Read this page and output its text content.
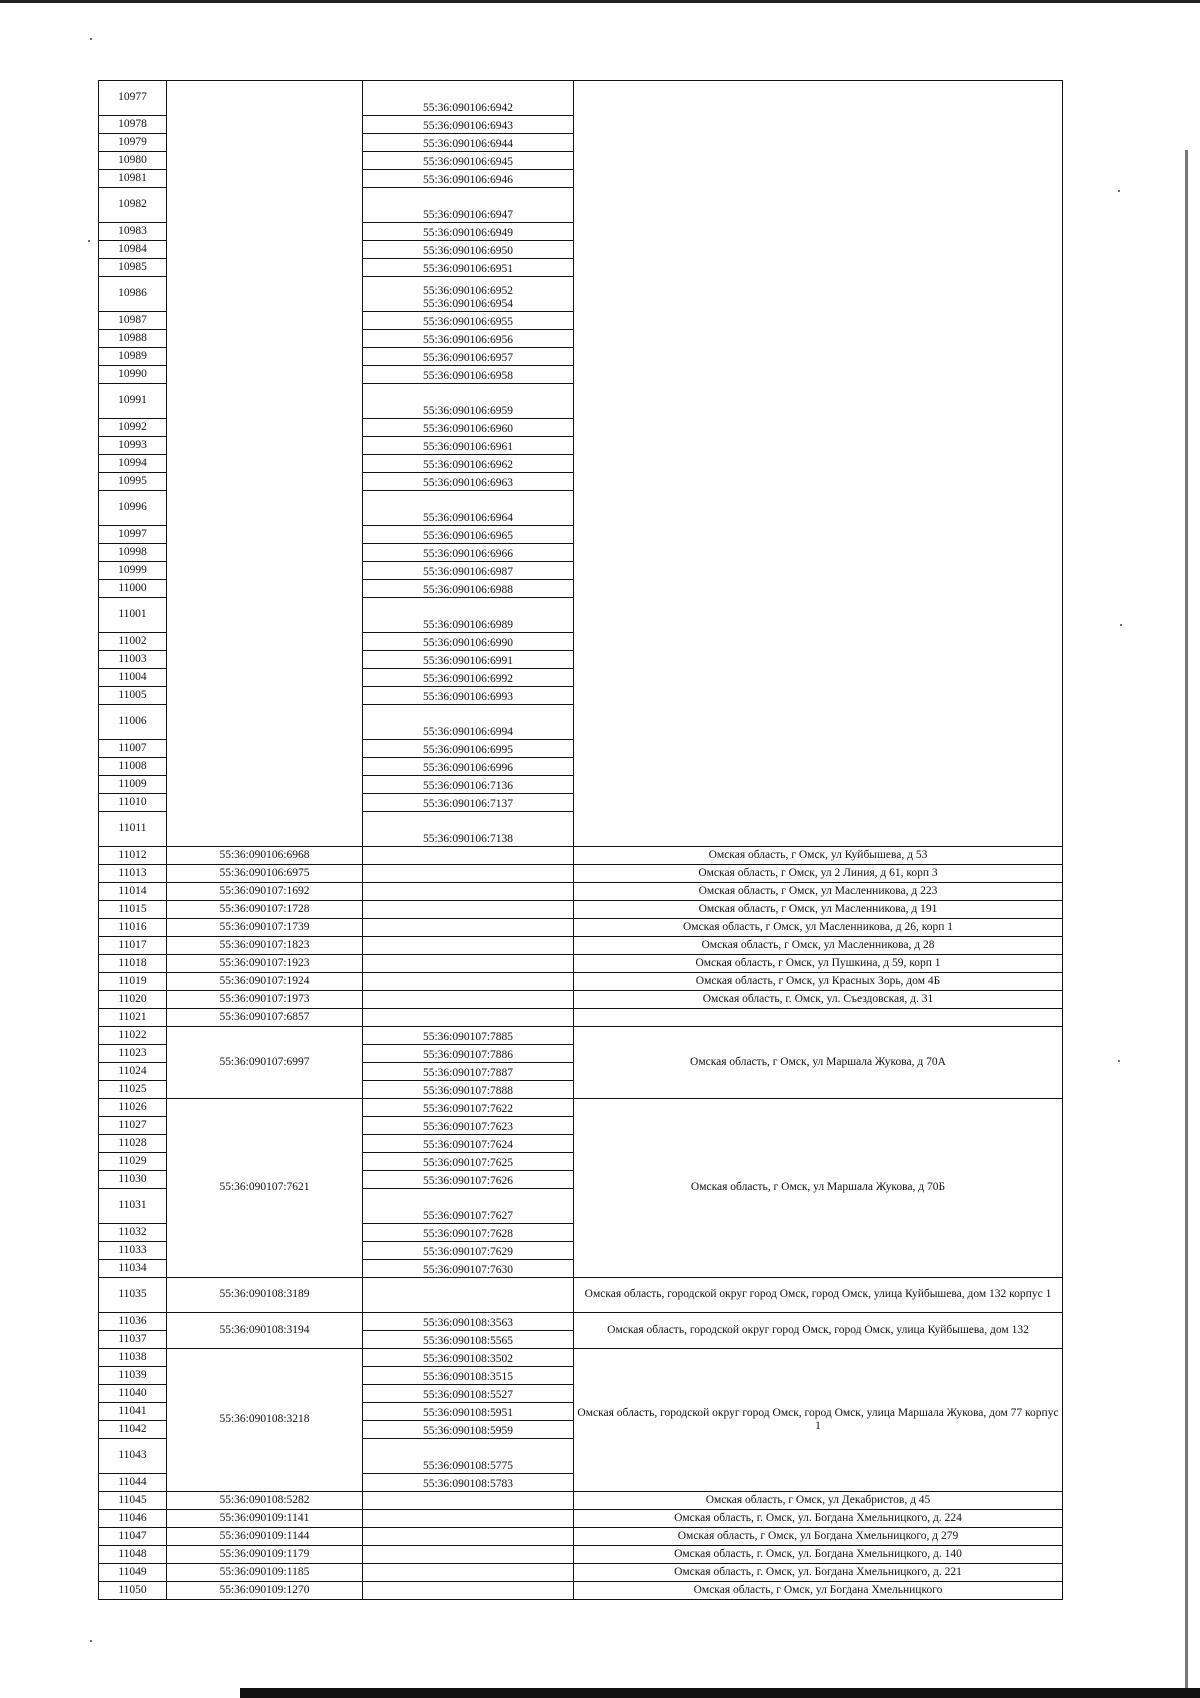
10977		55:36:090106:6942	
10978		55:36:090106:6943	
10979		55:36:090106:6944	
10980		55:36:090106:6945	
10981		55:36:090106:6946	
10982		55:36:090106:6947	
10983		55:36:090106:6949	
10984		55:36:090106:6950	
10985		55:36:090106:6951	
10986		55:36:090106:6952
55:36:090106:6954	

10987		55:36:090106:6955	
10988		55:36:090106:6956	
10989		55:36:090106:6957	
10990		55:36:090106:6958	
10991		55:36:090106:6959	
10992		55:36:090106:6960	
10993		55:36:090106:6961	
10994		55:36:090106:6962	
10995		55:36:090106:6963	
10996		55:36:090106:6964	
10997		55:36:090106:6965	
10998		55:36:090106:6966	
10999		55:36:090106:6987	
11000		55:36:090106:6988	
11001		55:36:090106:6989	
11002		55:36:090106:6990	
11003		55:36:090106:6991	
11004		55:36:090106:6992	
11005		55:36:090106:6993	
11006		55:36:090106:6994	
11007		55:36:090106:6995	
11008		55:36:090106:6996	
11009		55:36:090106:7136	
11010		55:36:090106:7137	
11011		55:36:090106:7138	
11012	55:36:090106:6968		Омская область, г Омск, ул Куйбышева, д 53
11013	55:36:090106:6975		Омская область, г Омск, ул 2 Линия, д 61, корп 3
11014	55:36:090107:1692		Омская область, г Омск, ул Масленникова, д 223
11015	55:36:090107:1728		Омская область, г Омск, ул Масленникова, д 191
11016	55:36:090107:1739		Омская область, г Омск, ул Масленникова, д 26, корп 1
11017	55:36:090107:1823		Омская область, г Омск, ул Масленникова, д 28
11018	55:36:090107:1923		Омская область, г Омск, ул Пушкина, д 59, корп 1
11019	55:36:090107:1924		Омская область, г Омск, ул Красных Зорь, дом 4Б
11020	55:36:090107:1973		Омская область, г. Омск, ул. Съездовская, д. 31
11021	55:36:090107:6857		
11022	55:36:090107:6997	55:36:090107:7885	Омская область, г Омск, ул Маршала Жукова, д 70А
11023		55:36:090107:7886	
11024		55:36:090107:7887	
11025		55:36:090107:7888	
11026	55:36:090107:7621	55:36:090107:7622	Омская область, г Омск, ул Маршала Жукова, д 70Б
11027		55:36:090107:7623	
11028		55:36:090107:7624	
11029		55:36:090107:7625	
11030		55:36:090107:7626	
11031		55:36:090107:7627	
11032		55:36:090107:7628	
11033		55:36:090107:7629	
11034		55:36:090107:7630	
11035	55:36:090108:3189		Омская область, городской округ город Омск, город Омск, улица Куйбышева, дом 132 корпус 1
11036	55:36:090108:3194	55:36:090108:3563	Омская область, городской округ город Омск, город Омск, улица Куйбышева, дом 132
11037		55:36:090108:5565	
11038	55:36:090108:3218	55:36:090108:3502	Омская область, городской округ город Омск, город Омск, улица Маршала Жукова, дом 77 корпус 1
11039		55:36:090108:3515	
11040		55:36:090108:5527	
11041		55:36:090108:5951	
11042		55:36:090108:5959	
11043		55:36:090108:5775	
11044		55:36:090108:5783	
11045	55:36:090108:5282		Омская область, г Омск, ул Декабристов, д 45
11046	55:36:090109:1141		Омская область, г. Омск, ул. Богдана Хмельницкого, д. 224
11047	55:36:090109:1144		Омская область, г Омск, ул Богдана Хмельницкого, д 279
11048	55:36:090109:1179		Омская область, г. Омск, ул. Богдана Хмельницкого, д. 140
11049	55:36:090109:1185		Омская область, г. Омск, ул. Богдана Хмельницкого, д. 221
11050	55:36:090109:1270		Омская область, г Омск, ул Богдана Хмельницкого
